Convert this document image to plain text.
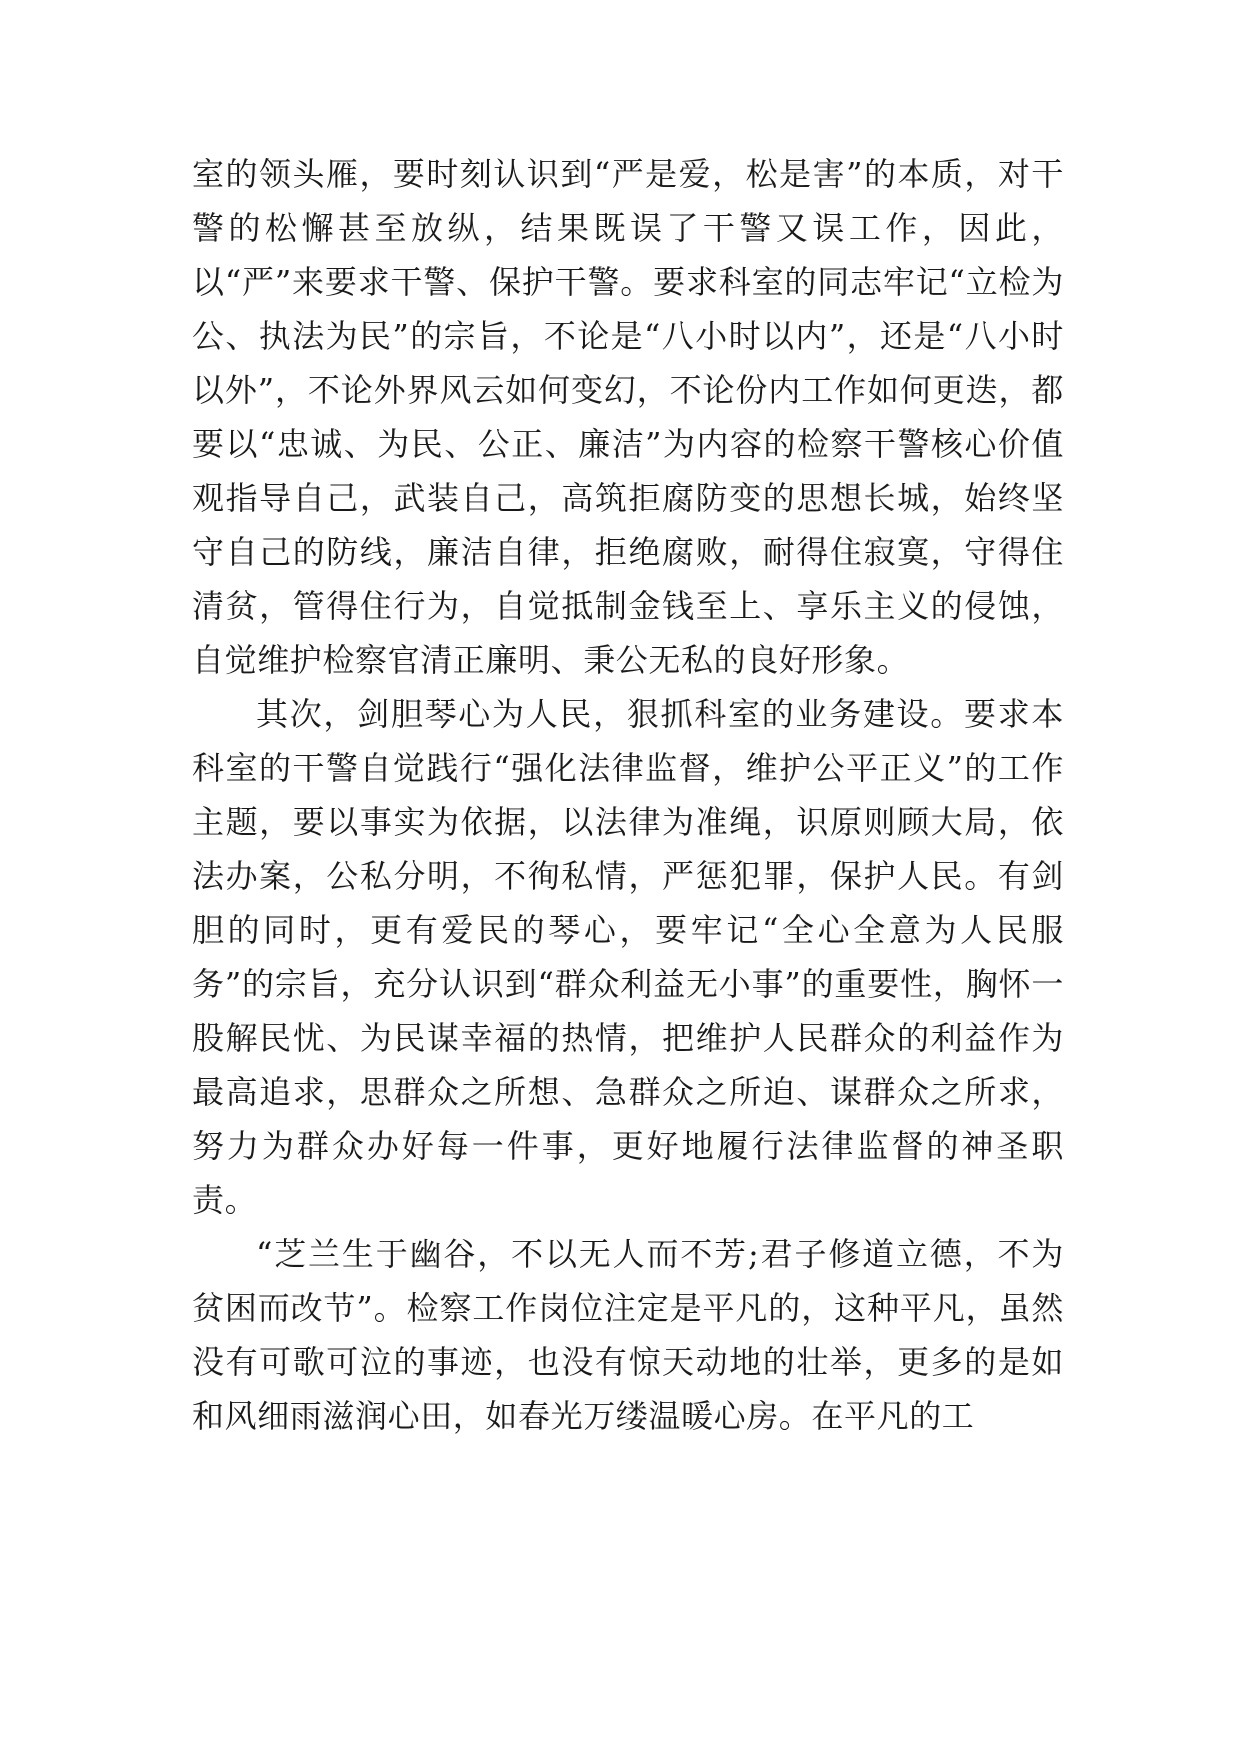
室的领头雁，要时刻认识到“严是爱，松是害”的本质，对干警的松懈甚至放纵，结果既误了干警又误工作，因此，以“严”来要求干警、保护干警。要求科室的同志牢记“立检为公、执法为民”的宗旨，不论是“八小时以内”，还是“八小时以外”，不论外界风云如何变幻，不论份内工作如何更迭，都要以“忠诚、为民、公正、廉洁”为内容的检察干警核心价值观指导自己，武装自己，高筑拒腐防变的思想长城，始终坚守自己的防线，廉洁自律，拒绝腐败，耐得住寂寞，守得住清贫，管得住行为，自觉抵制金钱至上、享乐主义的侵蚀，自觉维护检察官清正廉明、秉公无私的良好形象。

其次，剑胆琴心为人民，狠抓科室的业务建设。要求本科室的干警自觉践行“强化法律监督，维护公平正义”的工作主题，要以事实为依据，以法律为准绳，识原则顾大局，依法办案，公私分明，不徇私情，严惩犯罪，保护人民。有剑胆的同时，更有爱民的琴心，要牢记“全心全意为人民服务”的宗旨，充分认识到“群众利益无小事”的重要性，胸怀一股解民忧、为民谋幸福的热情，把维护人民群众的利益作为最高追求，思群众之所想、急群众之所迫、谋群众之所求，努力为群众办好每一件事，更好地履行法律监督的神圣职责。

“芝兰生于幽谷，不以无人而不芳;君子修道立德，不为贫困而改节”。检察工作岗位注定是平凡的，这种平凡，虽然没有可歌可泣的事迹，也没有惊天动地的壮举，更多的是如和风细雨滋润心田，如春光万缕温暖心房。在平凡的工
